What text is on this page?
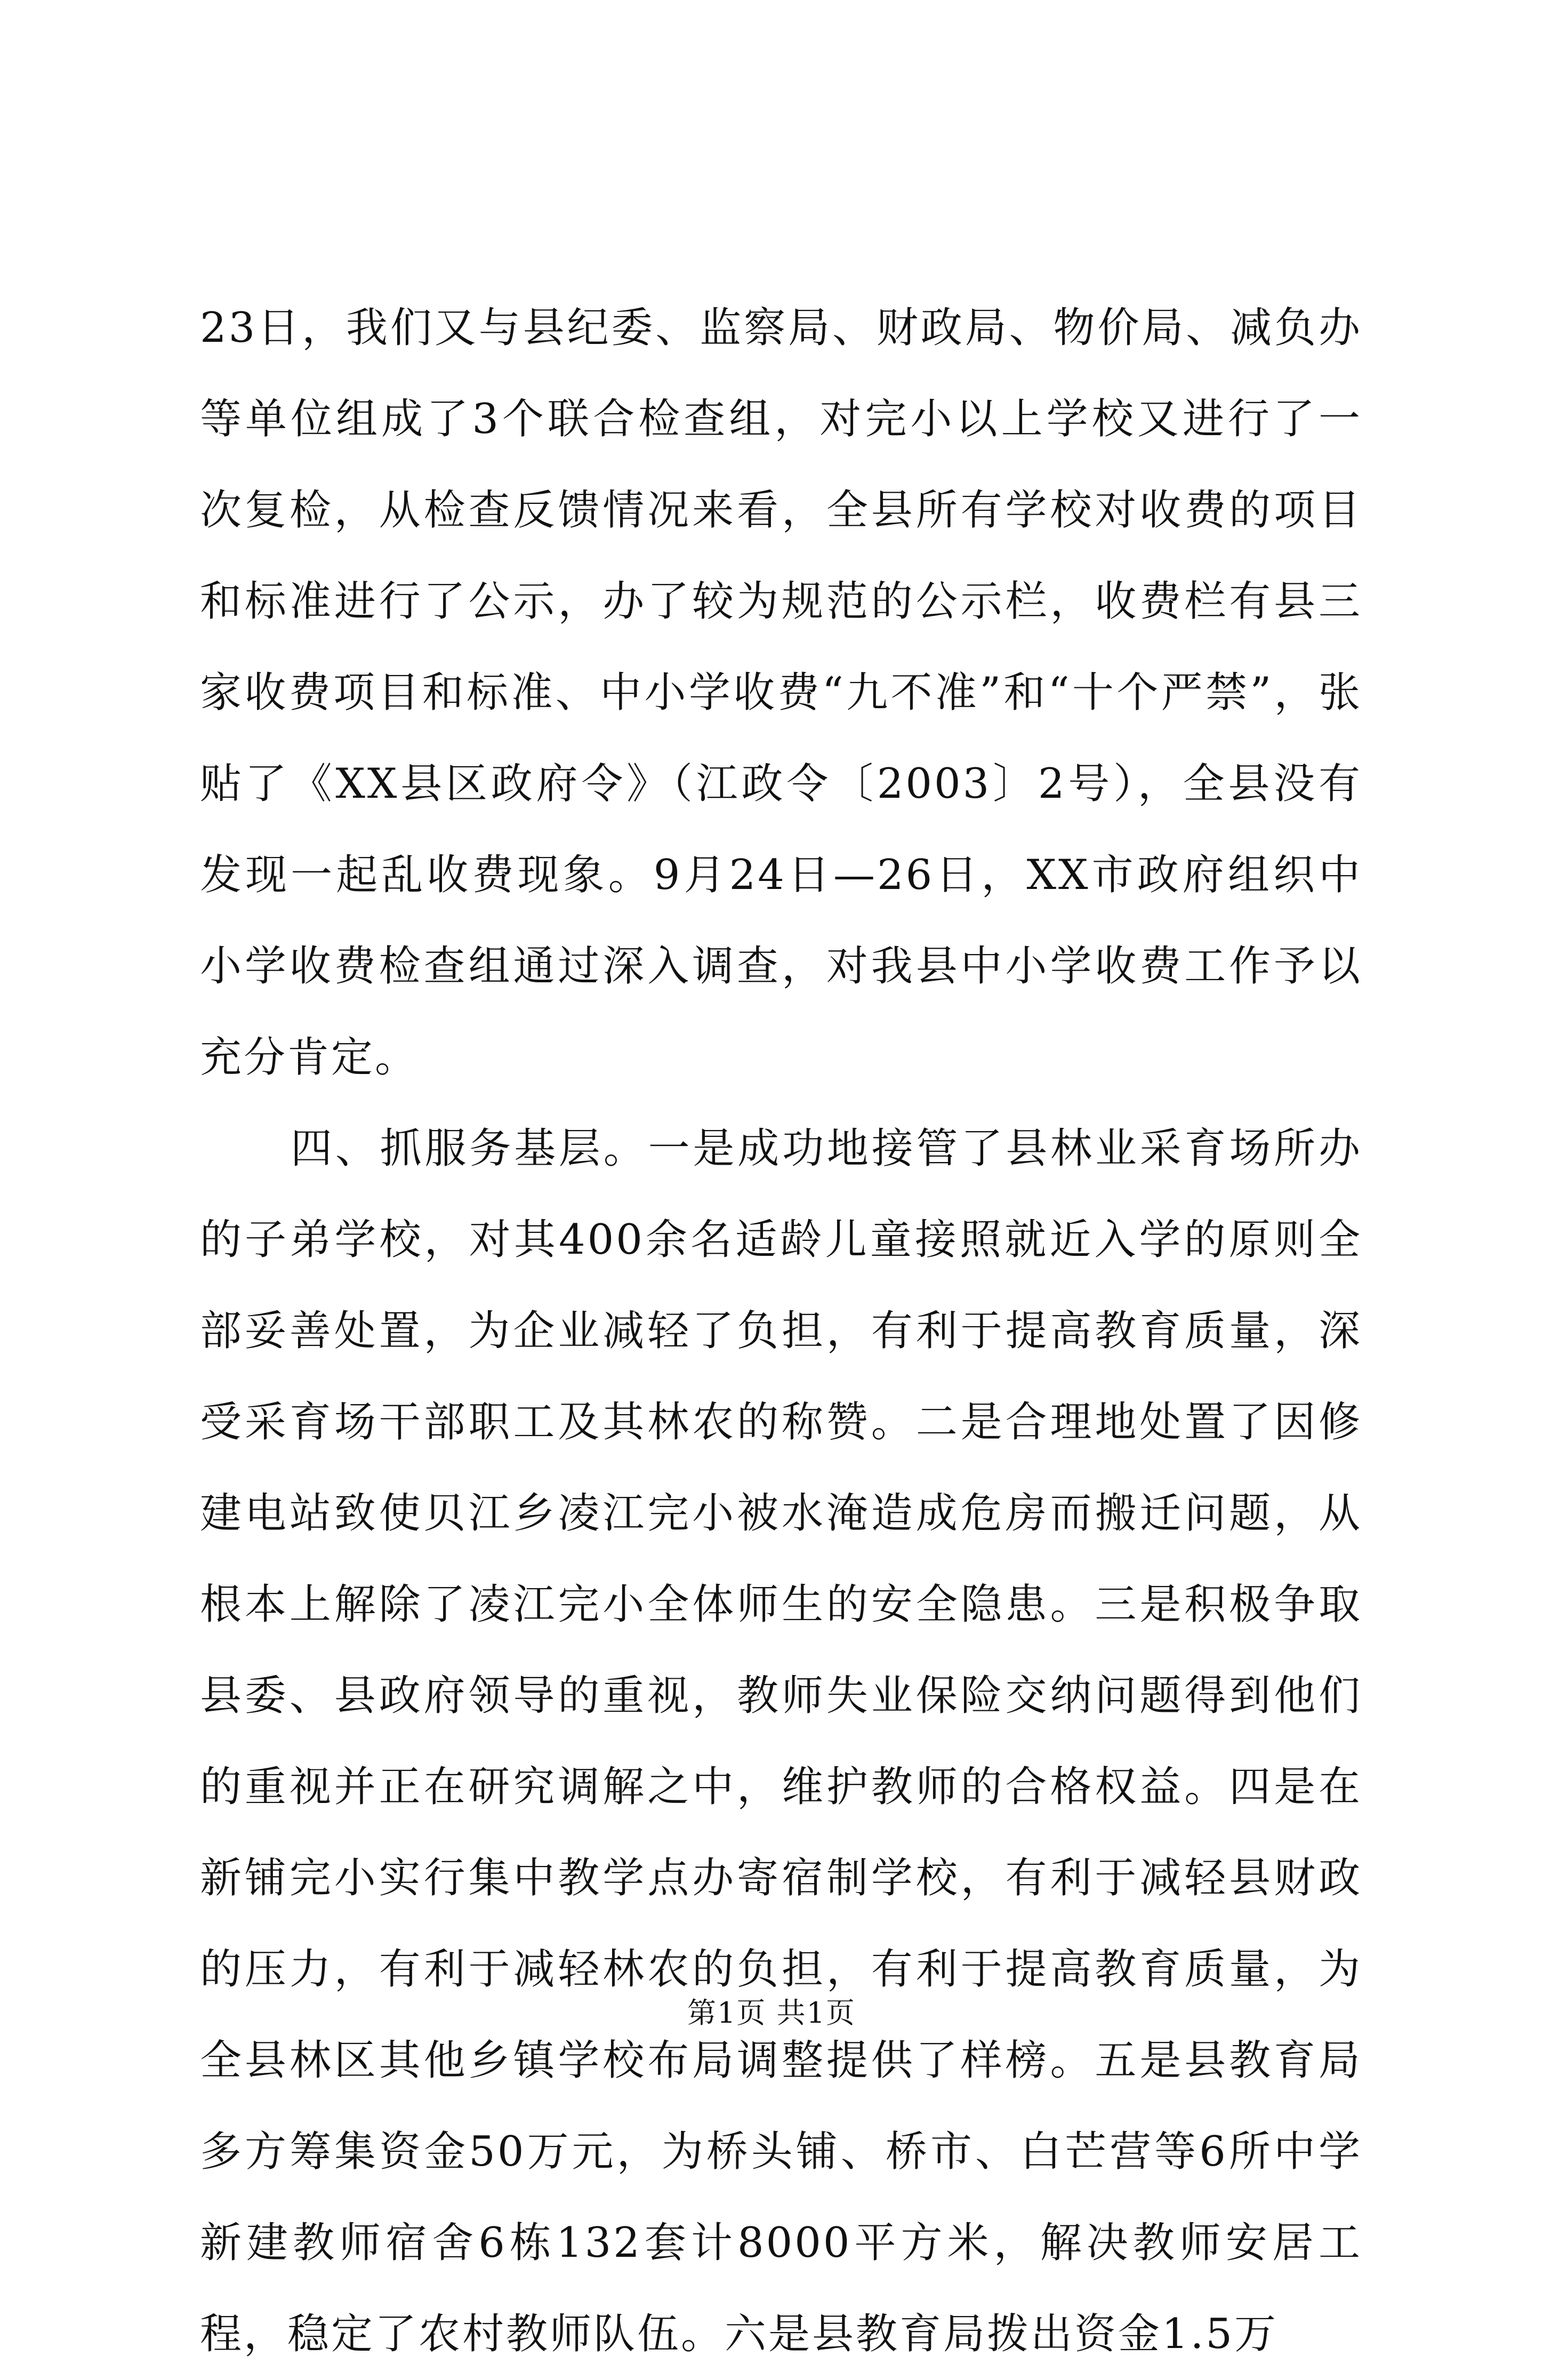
23日，我们又与县纪委、监察局、财政局、物价局、减负办等单位组成了3个联合检查组，对完小以上学校又进行了一次复检，从检查反馈情况来看，全县所有学校对收费的项目和标准进行了公示，办了较为规范的公示栏，收费栏有县三家收费项目和标准、中小学收费“九不准”和“十个严禁”，张贴了《XX县区政府令》（江政令〔2003〕2号），全县没有发现一起乱收费现象。9月24日—26日，XX市政府组织中小学收费检查组通过深入调查，对我县中小学收费工作予以充分肯定。

四、抓服务基层。一是成功地接管了县林业采育场所办的子弟学校，对其400余名适龄儿童接照就近入学的原则全部妥善处置，为企业减轻了负担，有利于提高教育质量，深受采育场干部职工及其林农的称赞。二是合理地处置了因修建电站致使贝江乡凌江完小被水淹造成危房而搬迁问题，从根本上解除了凌江完小全体师生的安全隐患。三是积极争取县委、县政府领导的重视，教师失业保险交纳问题得到他们的重视并正在研究调解之中，维护教师的合格权益。四是在新铺完小实行集中教学点办寄宿制学校，有利于减轻县财政的压力，有利于减轻林农的负担，有利于提高教育质量，为全县林区其他乡镇学校布局调整提供了样榜。五是县教育局多方筹集资金50万元，为桥头铺、桥市、白芒营等6所中学新建教师宿舍6栋132套计8000平方米，解决教师安居工程，稳定了农村教师队伍。六是县教育局拨出资金1.5万

第1页 共1页
